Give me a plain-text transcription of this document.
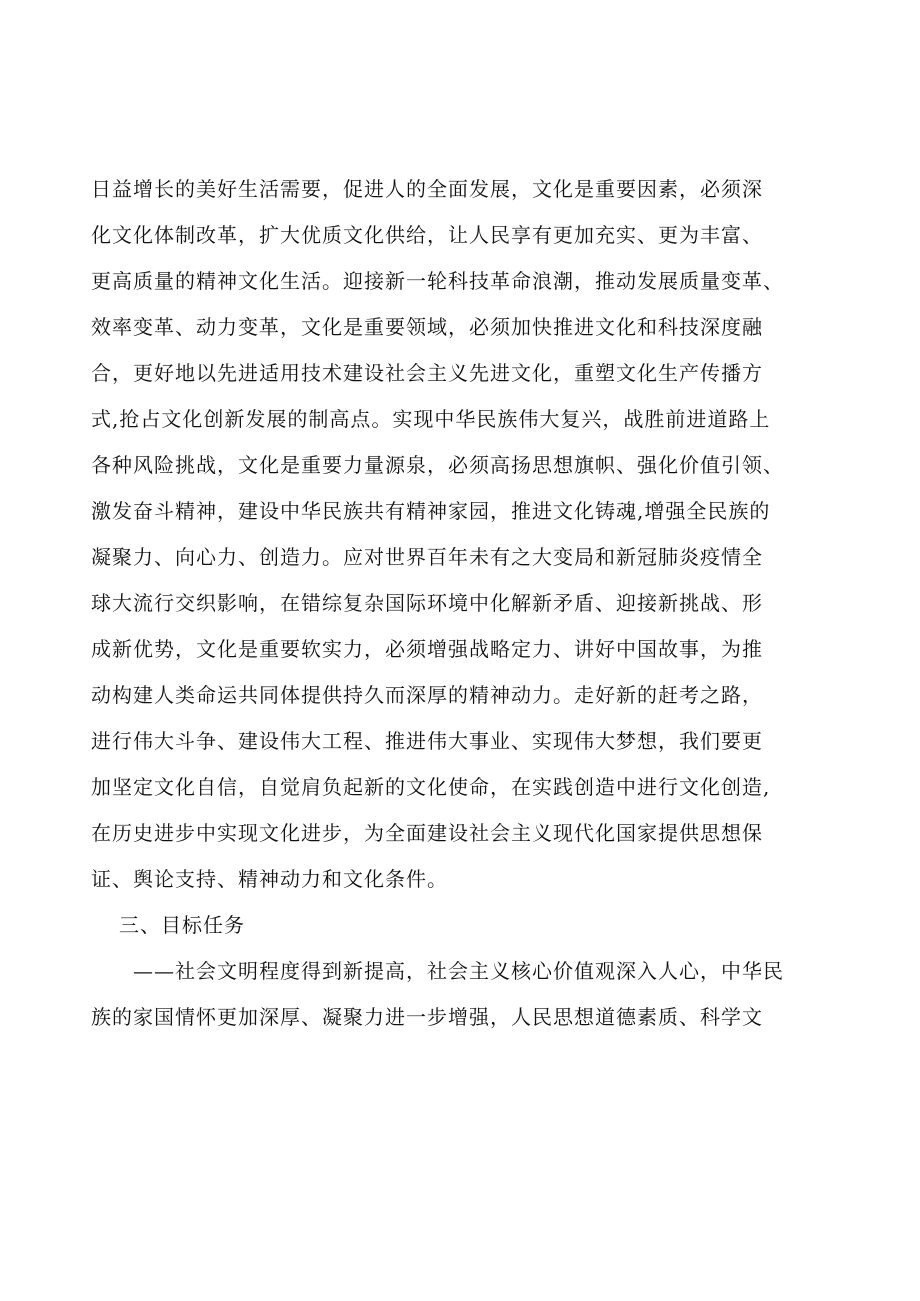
日益增长的美好生活需要，促进人的全面发展，文化是重要因素，必须深
化文化体制改革，扩大优质文化供给，让人民享有更加充实、更为丰富、
更高质量的精神文化生活。迎接新一轮科技革命浪潮，推动发展质量变革、
效率变革、动力变革，文化是重要领域，必须加快推进文化和科技深度融
合，更好地以先进适用技术建设社会主义先进文化，重塑文化生产传播方
式,抢占文化创新发展的制高点。实现中华民族伟大复兴，战胜前进道路上
各种风险挑战，文化是重要力量源泉，必须高扬思想旗帜、强化价值引领、
激发奋斗精神，建设中华民族共有精神家园，推进文化铸魂,增强全民族的
凝聚力、向心力、创造力。应对世界百年未有之大变局和新冠肺炎疫情全
球大流行交织影响，在错综复杂国际环境中化解新矛盾、迎接新挑战、形
成新优势，文化是重要软实力，必须增强战略定力、讲好中国故事，为推
动构建人类命运共同体提供持久而深厚的精神动力。走好新的赶考之路，
进行伟大斗争、建设伟大工程、推进伟大事业、实现伟大梦想，我们要更
加坚定文化自信，自觉肩负起新的文化使命，在实践创造中进行文化创造,
在历史进步中实现文化进步，为全面建设社会主义现代化国家提供思想保
证、舆论支持、精神动力和文化条件。
三、目标任务
——社会文明程度得到新提高，社会主义核心价值观深入人心，中华民
族的家国情怀更加深厚、凝聚力进一步增强，人民思想道德素质、科学文
